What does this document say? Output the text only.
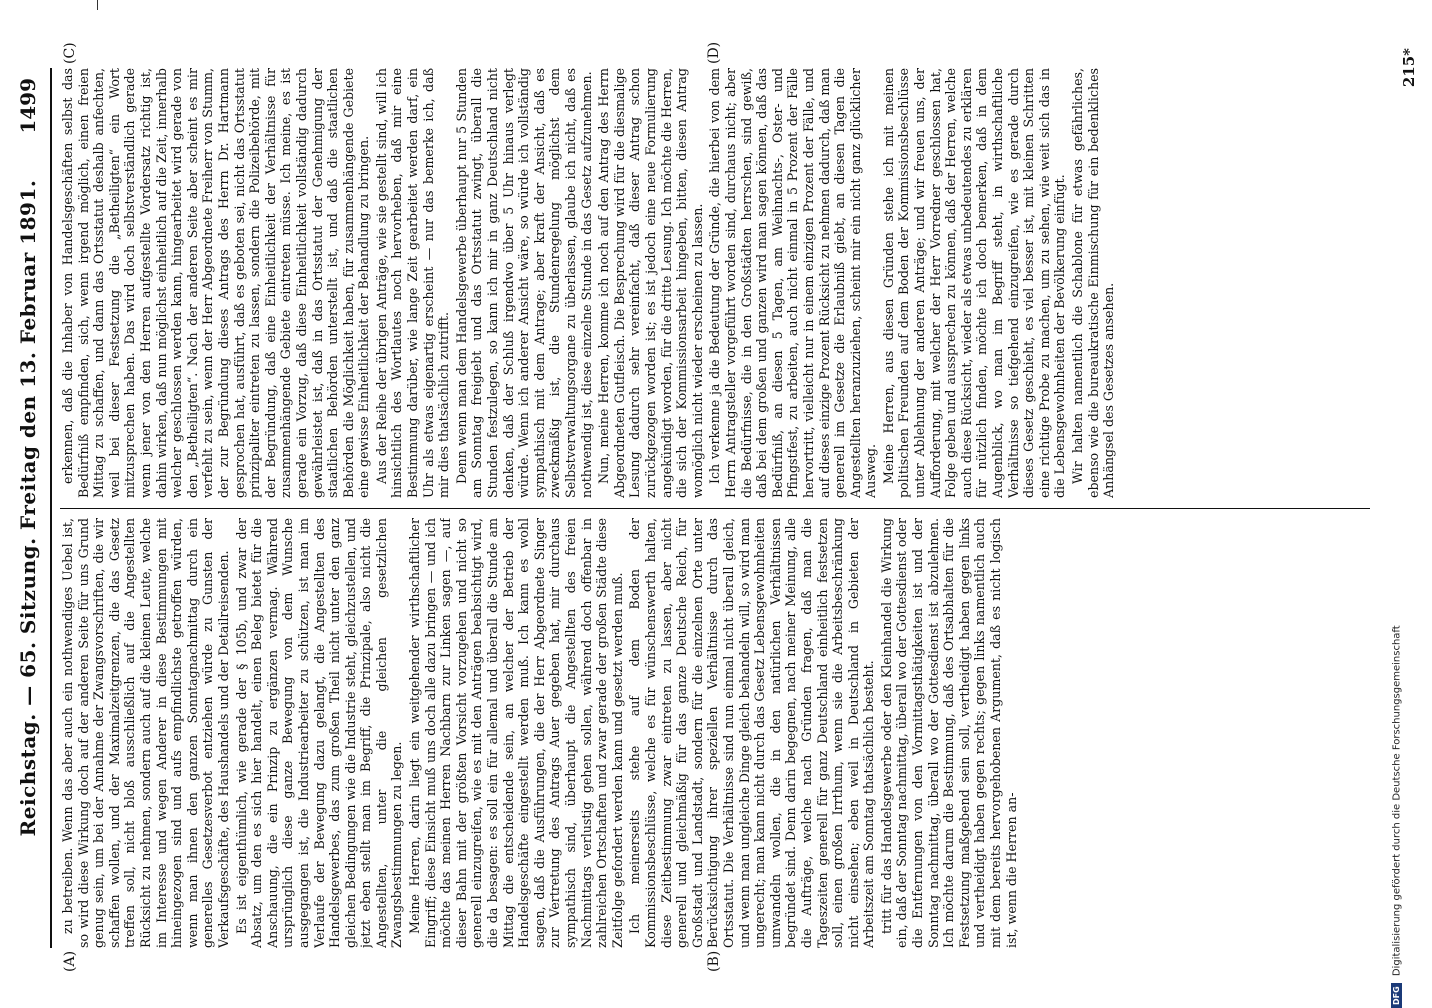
Reichstag. — 65. Sitzung. Freitag den 13. Februar 1891.
1499
(A)	(B)
(C)	(D)

zu betreiben. Wenn das aber auch ein nothwendiges Uebel ist, so wird diese Wirkung doch auf der anderen Seite für uns Grund genug sein, um bei der Annahme der Zwangsvorschriften, die wir schaffen wollen, und der Maximalzeitgrenzen, die das Gesetz treffen soll, nicht bloß ausschließlich auf die Angestellten Rücksicht zu nehmen, sondern auch auf die kleinen Leute, welche im Interesse und wegen Anderer in diese Bestimmungen mit hineingezogen sind und aufs empfindlichste getroffen würden, wenn man ihnen den ganzen Sonntagnachmittag durch ein generelles Gesetzesverbot entziehen würde zu Gunsten der Verkaufsgeschäfte, des Haushandels und der Detailreisenden. Es ist eigenthümlich, wie gerade der § 105b, und zwar der Absatz, um den es sich hier handelt, einen Beleg bietet für die Anschauung, die ein Prinzip zu ergänzen vermag. Während ursprünglich diese ganze Bewegung von dem Wunsche ausgegangen ist, die Industriearbeiter zu schützen, ist man im Verlaufe der Bewegung dazu gelangt, die Angestellten des Handelsgewerbes, das zum großen Theil nicht unter den ganz gleichen Bedingungen wie die Industrie steht, gleichzustellen, und jetzt eben stellt man im Begriff, die Prinzipale, also nicht die Angestellten, unter die gleichen gesetzlichen Zwangsbestimmungen zu legen. Meine Herren, darin liegt ein weitgehender wirthschaftlicher Eingriff; diese Einsicht muß uns doch alle dazu bringen — und ich möchte das meinen Herren Nachbarn zur Linken sagen —, auf dieser Bahn mit der größten Vorsicht vorzugehen und nicht so generell einzugreifen, wie es mit den Anträgen beabsichtigt wird, die da besagen: es soll ein für allemal und überall die Stunde am Mittag die entscheidende sein, an welcher der Betrieb der Handelsgeschäfte eingestellt werden muß. Ich kann es wohl sagen, daß die Ausführungen, die der Herr Abgeordnete Singer zur Vertretung des Antrags Auer gegeben hat, mir durchaus sympathisch sind, überhaupt die Angestellten des freien Nachmittags verlustig gehen sollen, während doch offenbar in zahlreichen Ortschaften und zwar gerade der großen Städte diese Zeitfolge gefordert werden kann und gesetzt werden muß. Ich meinerseits stehe auf dem Boden der Kommissionsbeschlüsse, welche es für wünschenswerth halten, diese Zeitbestimmung zwar eintreten zu lassen, aber nicht generell und gleichmäßig für das ganze Deutsche Reich, für Großstadt und Landstadt, sondern für die einzelnen Orte unter Berücksichtigung ihrer speziellen Verhältnisse durch das Ortsstatut. Die Verhältnisse sind nun einmal nicht überall gleich, und wenn man ungleiche Dinge gleich behandeln will, so wird man ungerecht; man kann nicht durch das Gesetz Lebensgewohnheiten umwandeln wollen, die in den natürlichen Verhältnissen begründet sind. Denn darin begegnen, nach meiner Meinung, alle die Aufträge, welche nach Gründen fragen, daß man die Tageszeiten generell für ganz Deutschland einheitlich festsetzen soll, einen großen Irrthum, wenn sie die Arbeitsbeschränkung nicht einsehen; eben weil in Deutschland in Gebieten der Arbeitszeit am Sonntag thatsächlich besteht. tritt für das Handelsgewerbe oder den Kleinhandel die Wirkung ein, daß der Sonntag nachmittag, überall wo der Gottesdienst oder die Entfernungen von den Vormittagsthätigkeiten ist und der Sonntag nachmittag, überall wo der Gottesdienst ist abzulehnen. Ich möchte darum die Bestimmung, daß des Ortsabhalten für die Festsetzung maßgebend sein soll, vertheidigt haben gegen links und vertheidigt haben gegen rechts; gegen links namentlich auch mit dem bereits hervorgehobenen Argument, daß es nicht logisch ist, wenn die Herren an-

erkennen, daß die Inhaber von Handelsgeschäften selbst das Bedürfniß empfinden, sich, wenn irgend möglich, einen freien Mittag zu schaffen, und dann das Ortsstatut deshalb anfechten, weil bei dieser Festsetzung die „Betheiligten“ ein Wort mitzusprechen haben. Das wird doch selbstverständlich gerade wenn jener von den Herren aufgestellte Vordersatz richtig ist, dahin wirken, daß nun möglichst einheitlich auf die Zeit, innerhalb welcher geschlossen werden kann, hingearbeitet wird gerade von den „Betheiligten“. Nach der anderen Seite aber scheint es mir verfehlt zu sein, wenn der Herr Abgeordnete Freiherr von Stumm, der zur Begründung dieses Antrags des Herrn Dr. Hartmann gesprochen hat, ausführt, daß es geboten sei, nicht das Ortsstatut prinzipaliter eintreten zu lassen, sondern die Polizeibehörde, mit der Begründung, daß eine Einheitlichkeit der Verhältnisse für zusammenhängende Gebiete eintreten müsse. Ich meine, es ist gerade ein Vorzug, daß diese Einheitlichkeit vollständig dadurch gewährleistet ist, daß in das Ortsstatut der Genehmigung der staatlichen Behörden unterstellt ist, und daß die staatlichen Behörden die Möglichkeit haben, für zusammenhängende Gebiete eine gewisse Einheitlichkeit der Behandlung zu bringen. Aus der Reihe der übrigen Anträge, wie sie gestellt sind, will ich hinsichtlich des Wortlautes noch hervorheben, daß mir eine Bestimmung darüber, wie lange Zeit gearbeitet werden darf, ein Uhr als etwas eigenartig erscheint — nur das bemerke ich, daß mir dies thatsächlich zutrifft. Denn wenn man dem Handelsgewerbe überhaupt nur 5 Stunden am Sonntag freigiebt und das Ortsstatut zwingt, überall die Stunden festzulegen, so kann ich mir in ganz Deutschland nicht denken, daß der Schluß irgendwo über 5 Uhr hinaus verlegt würde. Wenn ich anderer Ansicht wäre, so würde ich vollständig sympathisch mit dem Antrage; aber kraft der Ansicht, daß es zweckmäßig ist, die Stundenregelung möglichst dem Selbstverwaltungsorgane zu überlassen, glaube ich nicht, daß es nothwendig ist, diese einzelne Stunde in das Gesetz aufzunehmen. Nun, meine Herren, komme ich noch auf den Antrag des Herrn Abgeordneten Gutfleisch. Die Besprechung wird für die diesmalige Lesung dadurch sehr vereinfacht, daß dieser Antrag schon zurückgezogen worden ist; es ist jedoch eine neue Formulierung angekündigt worden, für die dritte Lesung. Ich möchte die Herren, die sich der Kommissionsarbeit hingeben, bitten, diesen Antrag womöglich nicht wieder erscheinen zu lassen. Ich verkenne ja die Bedeutung der Gründe, die hierbei von dem Herrn Antragsteller vorgeführt worden sind, durchaus nicht; aber die Bedürfnisse, die in den Großstädten herrschen, sind gewiß, daß bei dem großen und ganzen wird man sagen können, daß das Bedürfniß, an diesen 5 Tagen, am Weihnachts-, Oster- und Pfingstfest, zu arbeiten, auch nicht einmal in 5 Prozent der Fälle hervortritt, vielleicht nur in einem einzigen Prozent der Fälle, und auf dieses einzige Prozent Rücksicht zu nehmen dadurch, daß man generell im Gesetze die Erlaubniß giebt, an diesen Tagen die Angestellten heranzuziehen, scheint mir ein nicht ganz glücklicher Ausweg. Meine Herren, aus diesen Gründen stehe ich mit meinen politischen Freunden auf dem Boden der Kommissionsbeschlüsse unter Ablehnung der anderen Anträge; und wir freuen uns, der Aufforderung, mit welcher der Herr Vorredner geschlossen hat, Folge geben und aussprechen zu können, daß der Herren, welche auch diese Rücksicht, wieder als etwas unbedeutendes zu erklären für nützlich finden, möchte ich doch bemerken, daß in dem Augenblick, wo man im Begriff steht, in wirthschaftliche Verhältnisse so tiefgehend einzugreifen, wie es gerade durch dieses Gesetz geschieht, es viel besser ist, mit kleinen Schritten eine richtige Probe zu machen, um zu sehen, wie weit sich das in die Lebensgewohnheiten der Bevölkerung einfügt. Wir halten namentlich die Schablone für etwas gefährliches, ebenso wie die bureaukratische Einmischung für ein bedenkliches Anhängsel des Gesetzes ansehen.

215*
DFG Digitalisierung gefördert durch die Deutsche Forschungsgemeinschaft
